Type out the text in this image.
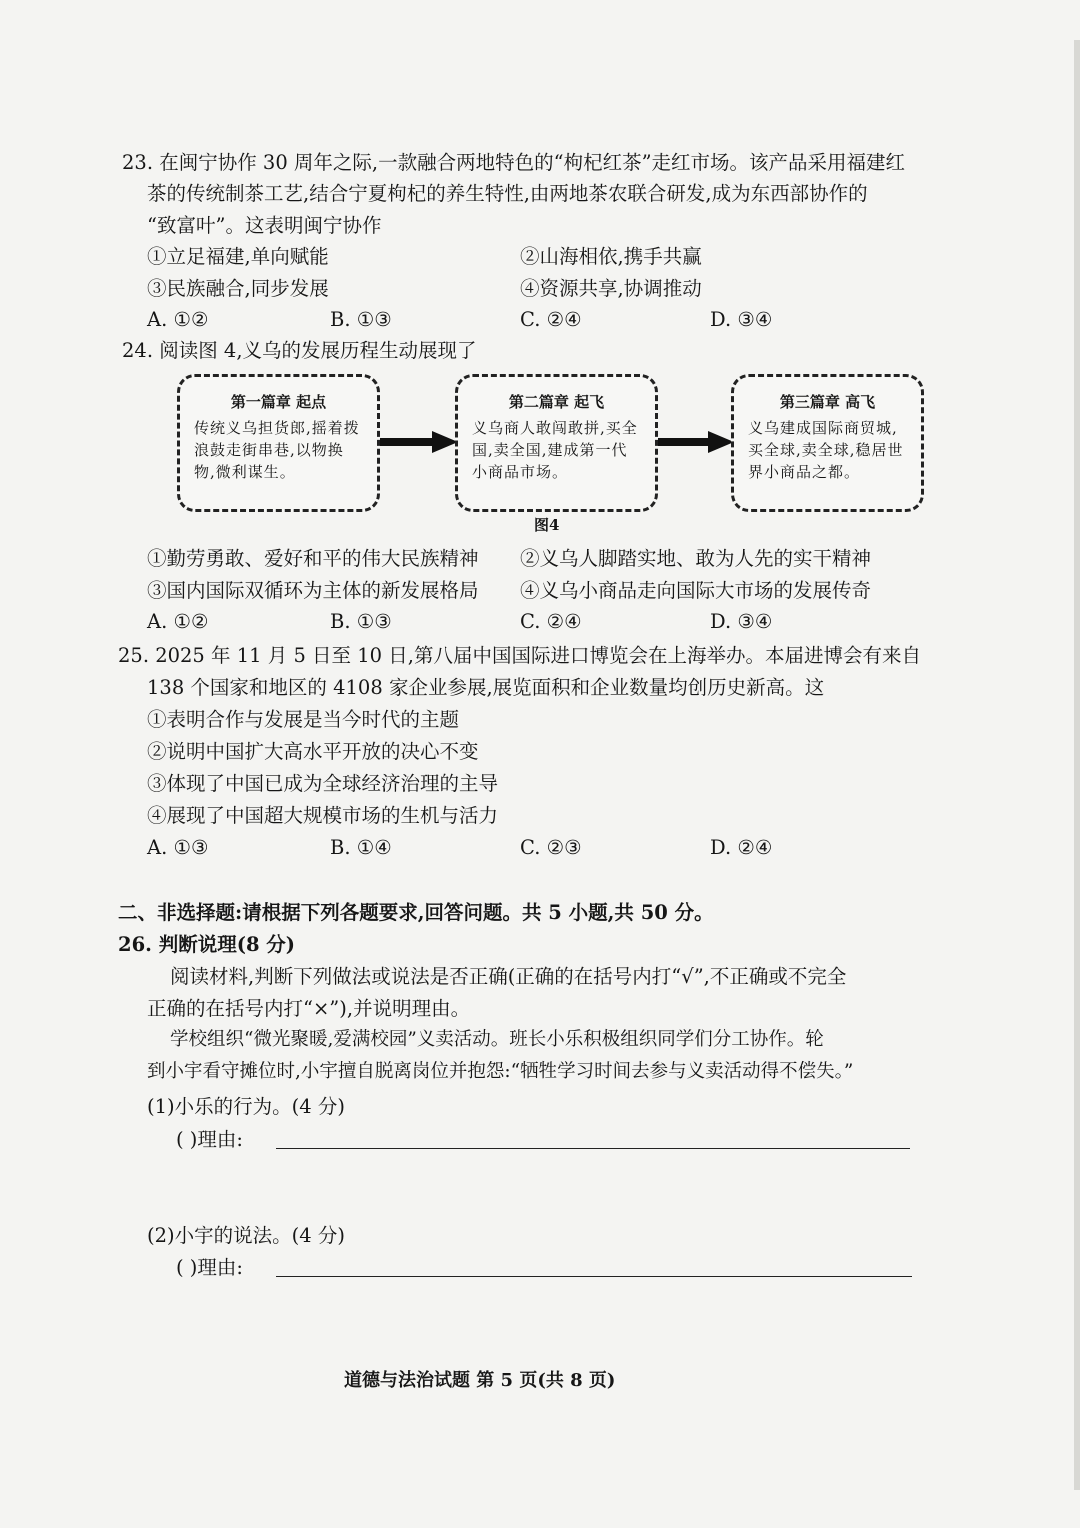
23. 在闽宁协作 30 周年之际,一款融合两地特色的“枸杞红茶”走红市场。该产品采用福建红
茶的传统制茶工艺,结合宁夏枸杞的养生特性,由两地茶农联合研发,成为东西部协作的
“致富叶”。这表明闽宁协作
①立足福建,单向赋能	②山海相依,携手共赢
③民族融合,同步发展	④资源共享,协调推动
A. ①②	B. ①③	C. ②④	D. ③④
24. 阅读图 4,义乌的发展历程生动展现了
第一篇章 起点
传统义乌担货郎,摇着拨浪鼓走街串巷,以物换物,微利谋生。
第二篇章 起飞
义乌商人敢闯敢拼,买全国,卖全国,建成第一代小商品市场。
第三篇章 高飞
义乌建成国际商贸城,买全球,卖全球,稳居世界小商品之都。
图4
①勤劳勇敢、爱好和平的伟大民族精神 ②义乌人脚踏实地、敢为人先的实干精神
③国内国际双循环为主体的新发展格局 ④义乌小商品走向国际大市场的发展传奇
A. ①②	B. ①③	C. ②④	D. ③④
25. 2025 年 11 月 5 日至 10 日,第八届中国国际进口博览会在上海举办。本届进博会有来自
138 个国家和地区的 4108 家企业参展,展览面积和企业数量均创历史新高。这
①表明合作与发展是当今时代的主题
②说明中国扩大高水平开放的决心不变
③体现了中国已成为全球经济治理的主导
④展现了中国超大规模市场的生机与活力
A. ①③	B. ①④	C. ②③	D. ②④
二、非选择题:请根据下列各题要求,回答问题。共 5 小题,共 50 分。
26. 判断说理(8 分)
阅读材料,判断下列做法或说法是否正确(正确的在括号内打“√”,不正确或不完全
正确的在括号内打“×”),并说明理由。
学校组织“微光聚暖,爱满校园”义卖活动。班长小乐积极组织同学们分工协作。轮
到小宇看守摊位时,小宇擅自脱离岗位并抱怨:“牺牲学习时间去参与义卖活动得不偿失。”
(1)小乐的行为。(4 分)
( )理由:
(2)小宇的说法。(4 分)
( )理由:
道德与法治试题 第 5 页(共 8 页)
